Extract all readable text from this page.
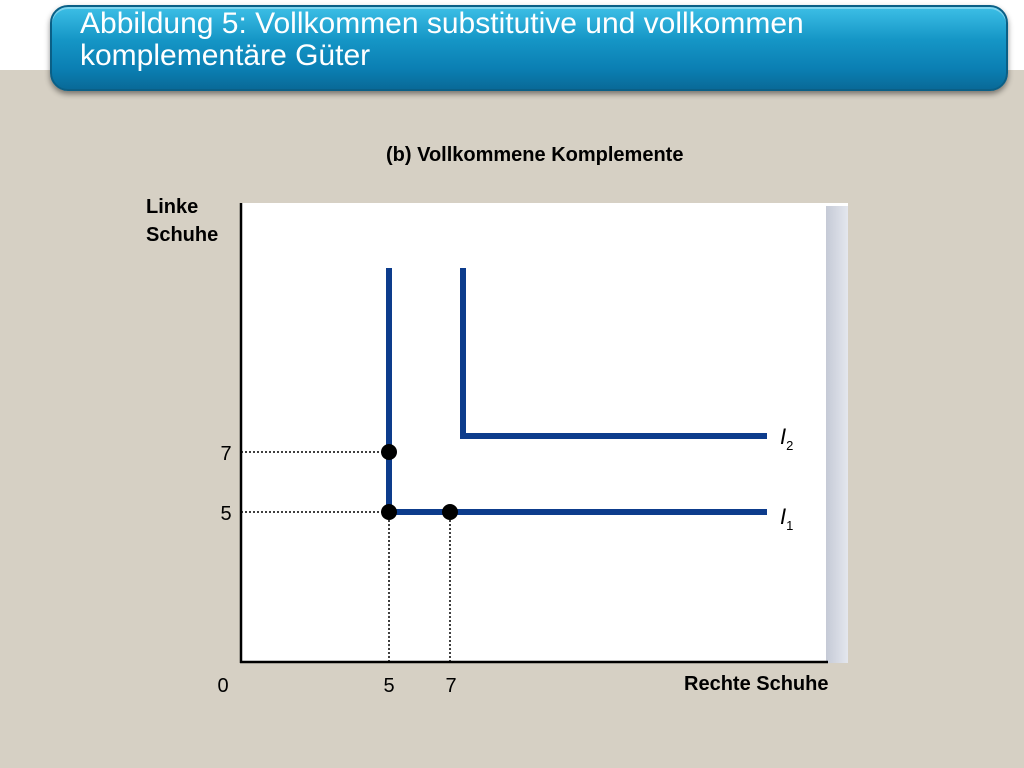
Abbildung 5: Vollkommen substitutive und vollkommen
komplementäre Güter
(b) Vollkommene Komplemente
Linke
Schuhe
7
5
0	5	7
$I_2$
$I_1$
Rechte Schuhe
